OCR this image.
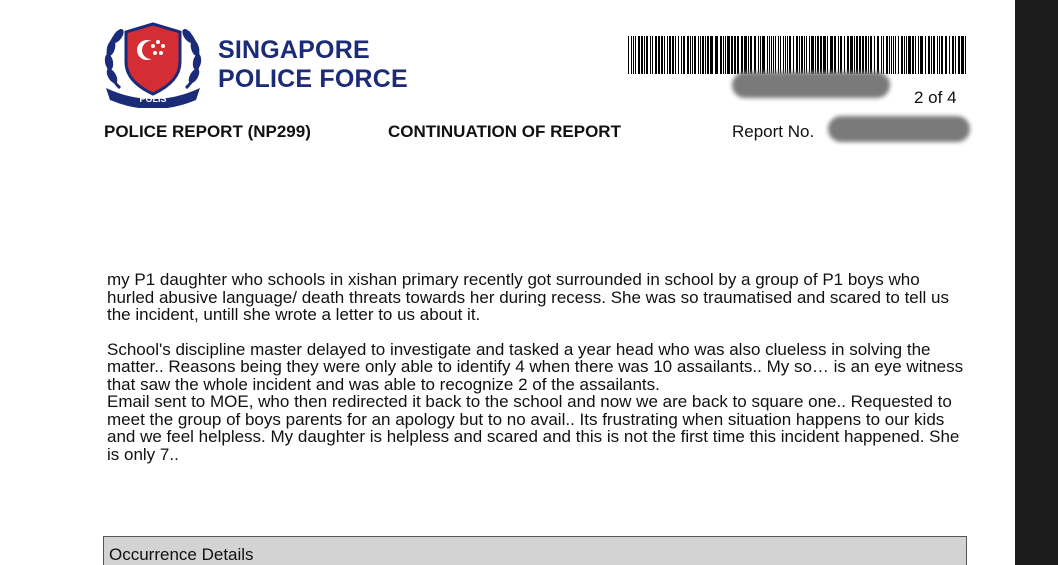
POLIS
SINGAPORE
POLICE FORCE
2 of 4
POLICE REPORT (NP299)	CONTINUATION OF REPORT	Report No.

my P1 daughter who schools in xishan primary recently got surrounded in school by a group of P1 boys who hurled abusive language/ death threats towards her during recess. She was so traumatised and scared to tell us the incident, untill she wrote a letter to us about it.

School's discipline master delayed to investigate and tasked a year head who was also clueless in solving the matter.. Reasons being they were only able to identify 4 when there was 10 assailants.. My so… is an eye witness that saw the whole incident and was able to recognize 2 of the assailants.

Email sent to MOE, who then redirected it back to the school and now we are back to square one.. Requested to meet the group of boys parents for an apology but to no avail.. Its frustrating when situation happens to our kids and we feel helpless. My daughter is helpless and scared and this is not the first time this incident happened. She is only 7..

Occurrence Details
